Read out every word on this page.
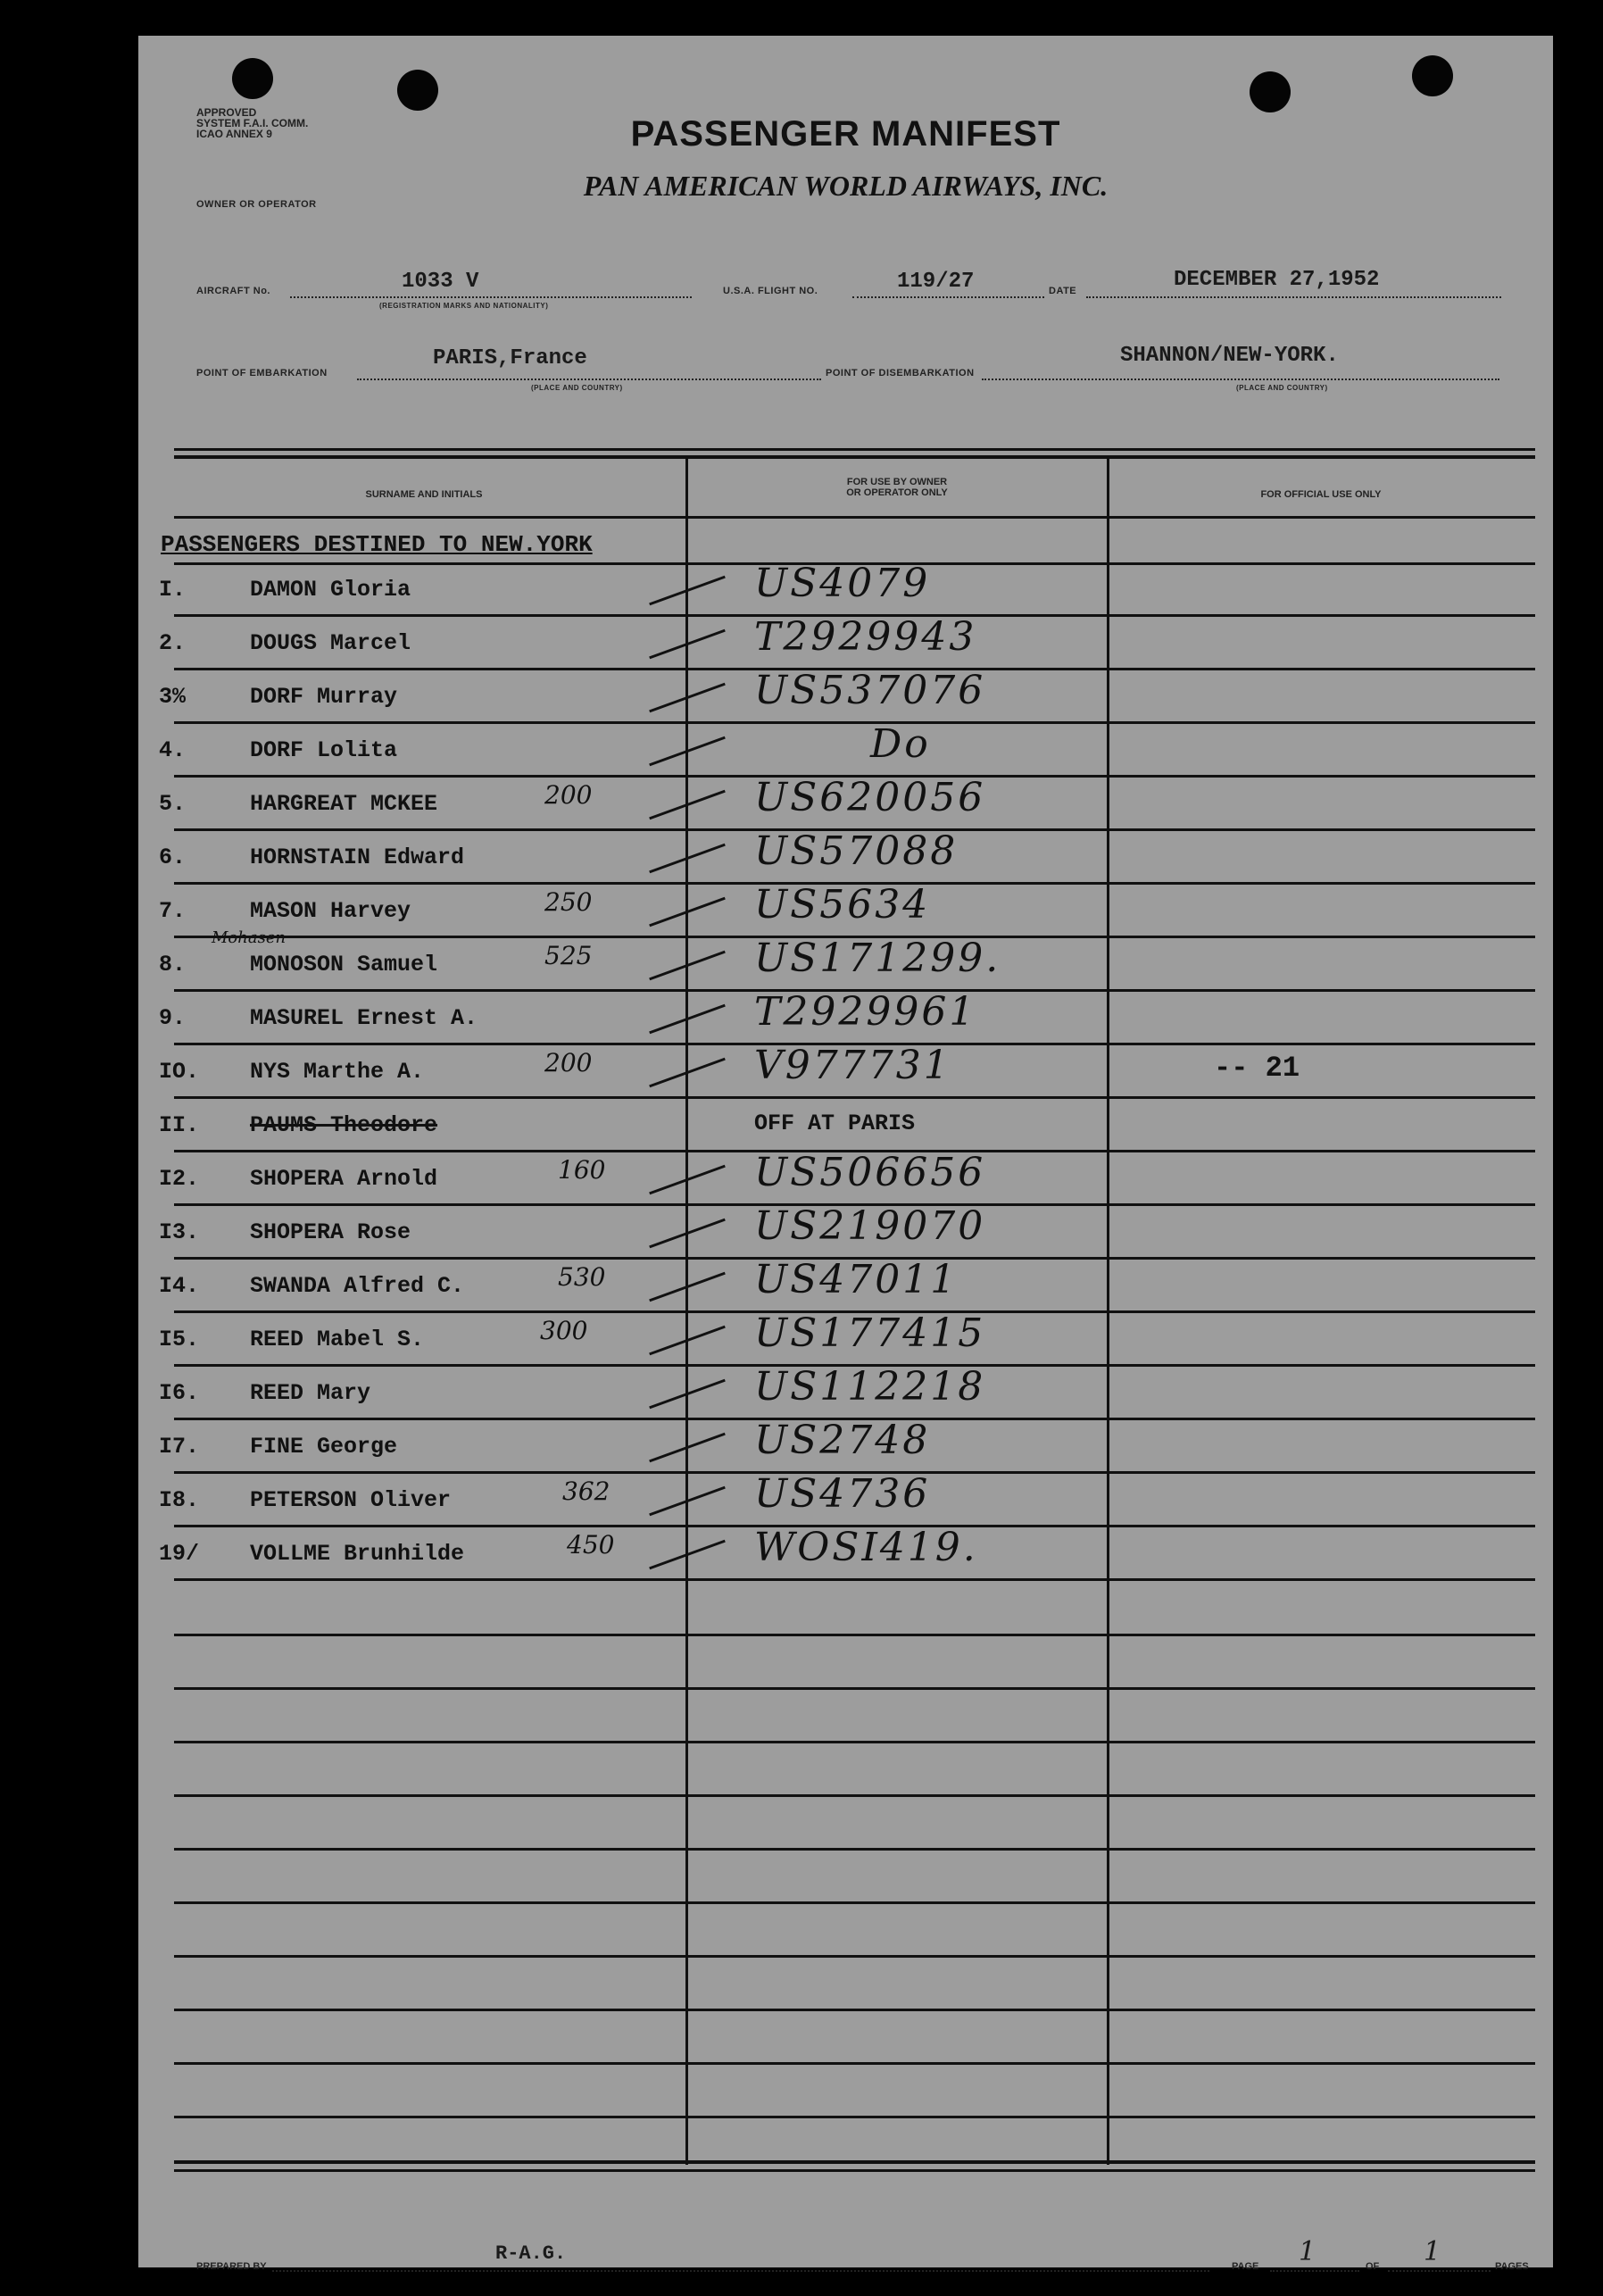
APPROVED
SYSTEM F.A.I. COMM.
ICAO ANNEX 9	PASSENGER MANIFEST
OWNER OR OPERATOR
PAN AMERICAN WORLD AIRWAYS, INC.
AIRCRAFT No.	1033 V
(REGISTRATION MARKS AND NATIONALITY)
U.S.A. FLIGHT NO.	119/27	DATE	DECEMBER 27,1952
POINT OF EMBARKATION
PARIS,France
(PLACE AND COUNTRY)
POINT OF DISEMBARKATION
SHANNON/NEW-YORK.
(PLACE AND COUNTRY)
SURNAME AND INITIALS
FOR USE BY OWNER
OR OPERATOR ONLY	FOR OFFICIAL USE ONLY
PASSENGERS DESTINED TO NEW.YORK
I.	DAMON Gloria	US4079
2.	DOUGS Marcel	T2929943
3%	DORF Murray	US537076
4.	DORF Lolita	Do
5.	HARGREAT MCKEE	200	US620056
6.	HORNSTAIN Edward	US57088
7.	MASON Harvey	250	US5634
Mohasen
8.	MONOSON Samuel	525	US171299.
9.	MASUREL Ernest A.	T2929961
IO. NYS Marthe A.	200	V977731	-- 21
II. PAUMS Theodore	OFF AT PARIS
I2. SHOPERA Arnold	160	US506656
I3. SHOPERA Rose	US219070
I4. SWANDA Alfred C.	530	US47011
I5. REED Mabel S.	300	US177415
I6. REED Mary	US112218
I7. FINE George	US2748
I8. PETERSON Oliver	362	US4736
19/ VOLLME Brunhilde	450	WOSI419.
PREPARED BY
R-A.G.
PAGE 1	OF 1	PAGES
